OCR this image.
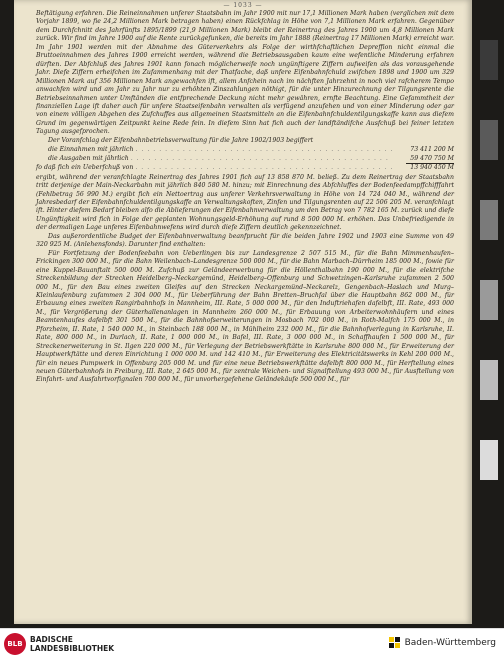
— 1033 —

Beftätigung erfahren. Die Reineinnahmen unferer Staatsbahn im Jahr 1900 mit nur 17,1 Millionen Mark haben (verglichen mit dem Vorjahr 1899, wo fie 24,2 Millionen Mark betragen haben) einen Rückfchlag in Höhe von 7,1 Millionen Mark erfahren. Gegenüber dem Durchfchnitt des Jahrfünfts 1895/1899 (21,9 Millionen Mark) bleibt der Reinertrag des Jahres 1900 um 4,8 Millionen Mark zurück. Wir find im Jahre 1900 auf die Rente zurückgefunken, die bereits im Jahr 1888 (Reinertrag 17 Millionen Mark) erreicht war. Im Jahr 1901 werden mit der Abnahme des Güterverkehrs als Folge der wirthfchaftlichen Depreffion nicht einmal die Bruttoeinnahmen des Jahres 1900 erreicht werden, während die Betriebsausgaben kaum eine wefentliche Minderung erfahren dürften. Der Abfchluß des Jahres 1901 kann fonach möglicherweife noch ungünftigere Ziffern aufweifen als das vorausgehende Jahr. Diefe Ziffern erheifchen im Zufammenhang mit der Thatfache, daß unfere Eifenbahnfchuld zwifchen 1898 und 1900 um 329 Millionen Mark auf 356 Millionen Mark angewachfen ift, allem Anfchein nach im nächften Jahrzehnt in noch viel rafcherem Tempo anwachfen wird und am Jahr zu Jahr nur zu erhöhten Zinszahlungen nöthigt, für die unter Hinzurechnung der Tilgungsrente die Betriebseinnahmen unter Umftänden die entfprechende Deckung nicht mehr gewähren, ernfte Beachtung. Eine Gefammtheit der finanziellen Lage ift daher auch für unfere Staatseifenbahn verwalten als verfügend anzufehen und von einer Minderung oder gar von einem völligen Abgehen des Zufchuffes aus allgemeinen Staatsmitteln an die Eifenbahnfchuldentilgungskaffe kann aus diefem Grund im gegenwärtigen Zeitpunkt keine Rede fein. In diefem Sinn hat fich auch der landftändifche Ausfchuß bei feiner letzten Tagung ausgefprochen.

Der Voranfchlag der Eifenbahnbetriebsverwaltung für die Jahre 1902/1903 begiffert

die Einnahmen mit jährlich . . . . . . . . . . . . . . . . . . . . . . . . . . . . . . . . . . . . . . . . . . . .	73 411 200 M
die Ausgaben mit jährlich . . . . . . . . . . . . . . . . . . . . . . . . . . . . . . . . . . . . . . . . . . . .	59 470 750 M
fo daß fich ein Ueberfchuß von . . . . . . . . . . . . . . . . . . . . . . . . . . . . . . . . . . . . . . . . . . . .	13 940 450 M

ergibt, während der veranfchlagte Reinertrag des Jahres 1901 fich auf 13 858 870 M. beließ. Zu dem Reinertrag der Staatsbahn tritt derjenige der Main-Neckarbahn mit jährlich 840 580 M. hinzu; mit Einrechnung des Abfchluffes der Bodenfeedampffchifffahrt (Fehlbetrag 56 990 M.) ergibt fich ein Nettoertrag aus unferer Verkehrsverwaltung in Höhe von 14 724 040 M., während der Jahresbedarf der Eifenbahnfchuldentilgungskaffe an Verwaltungskoften, Zinfen und Tilgungsrenten auf 22 506 205 M. veranfchlagt ift. Hinter diefem Bedarf bleiben alfo die Ablieferungen der Eifenbahnverwaltung um den Betrag von 7 782 165 M. zurück und diefe Ungünftigkeit wird fich in Folge der geplanten Wohnungsgeld-Erhöhung auf rund 8 500 000 M. erhöhen. Das Unbefriedigende in der dermaligen Lage unferes Eifenbahnwefens wird durch diefe Ziffern deutlich gekennzeichnet.

Das außerordentliche Budget der Eifenbahnverwaltung beanfprucht für die beiden Jahre 1902 und 1903 eine Summe von 49 320 925 M. (Anlehensfonds). Darunter find enthalten:

Für Fortfetzung der Bodenfeebahn von Ueberlingen bis zur Landesgrenze 2 507 515 M., für die Bahn Mimmenhaufen–Frickingen 300 000 M., für die Bahn Weilenbach–Landesgrenze 500 000 M., für die Bahn Marbach–Dürrheim 185 000 M., fowie für eine Kuppel-Bauanftalt 500 000 M. Zufchuß zur Geländeerwerbung für die Höllenthalbahn 190 000 M., für die elektrifche Streckenbildung der Strecken Heidelberg–Neckargemünd, Heidelberg–Offenburg und Schwetzingen–Karlsruhe zufammen 2 500 000 M., für den Bau eines zweiten Gleifes auf den Strecken Neckargemünd–Neckarelz, Gengenbach–Haslach und Murg–Kleinlaufenburg zufammen 2 304 000 M., für Ueberführung der Bahn Bretten–Bruchfal über die Hauptbahn 862 000 M., für Erbauung eines zweiten Rangirbahnhofs in Mannheim, III. Rate, 5 000 000 M., für den Induftriehafen dafelbft, III. Rate, 493 000 M., für Vergrößerung der Güterhallenanlagen in Mannheim 260 000 M., für Erbauung von Arbeiterwohnhäufern und eines Beamtenhaufes dafelbft 301 500 M., für die Bahnhofserweiterungen in Mosbach 702 000 M., in Roth-Malfch 175 000 M., in Pforzheim, II. Rate, 1 540 000 M., in Steinbach 188 000 M., in Mühlheim 232 000 M., für die Bahnhofverlegung in Karlsruhe, II. Rate, 800 000 M., in Durlach, II. Rate, 1 000 000 M., in Bafel, III. Rate, 3 000 000 M., in Schaffhaufen 1 500 000 M., für Streckenerweiterung in St. Ilgen 220 000 M., für Verlegung der Betriebswerkftätte in Karlsruhe 800 000 M., für Erweiterung der Hauptwerkftätte und deren Einrichtung 1 000 000 M. und 142 410 M., für Erweiterung des Elektricitätswerks in Kehl 200 000 M., für ein neues Pumpwerk in Offenburg 205 000 M. und für eine neue Betriebswerkftätte dafelbft 800 000 M., für Herftellung eines neuen Güterbahnhofs in Freiburg, III. Rate, 2 645 000 M., für zentrale Weichen- und Signalftellung 493 000 M., für Ausftellung von Einfahrt- und Ausfahrtvorfignalen 700 000 M., für unvorhergefehene Geländekäufe 500 000 M., für

BLB BADISCHE
LANDESBIBLIOTHEK
Baden-Württemberg
